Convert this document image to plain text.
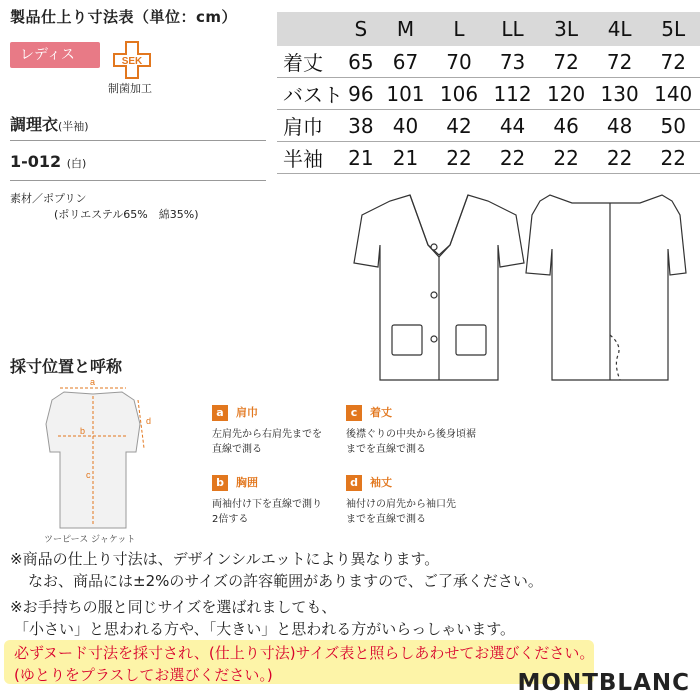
製品仕上り寸法表（単位：cm）
レディス	SEK
制菌加工
調理衣(半袖)
1-012 (白)
素材／ポプリン
(ポリエステル65%　綿35%)
	S	M	L	LL	3L	4L	5L
着丈	65	67	70	73	72	72	72
バスト	96	101	106	112	120	130	140
肩巾	38	40	42	44	46	48	50
半袖	21	21	22	22	22	22	22
採寸位置と呼称
a
b
c
d
ツーピース ジャケット
a 肩巾
左肩先から右肩先までを
直線で測る
b 胸囲
両袖付け下を直線で測り
2倍する
c 着丈
後襟ぐりの中央から後身頃裾
までを直線で測る
d 袖丈
袖付けの肩先から袖口先
までを直線で測る
※商品の仕上り寸法は、デザインシルエットにより異なります。
なお、商品には±2%のサイズの許容範囲がありますので、ご了承ください。
※お手持ちの服と同じサイズを選ばれましても、
「小さい」と思われる方や、「大きい」と思われる方がいらっしゃいます。
必ずヌード寸法を採寸され、(仕上り寸法)サイズ表と照らしあわせてお選びください。
(ゆとりをプラスしてお選びください。)	MONTBLANC
